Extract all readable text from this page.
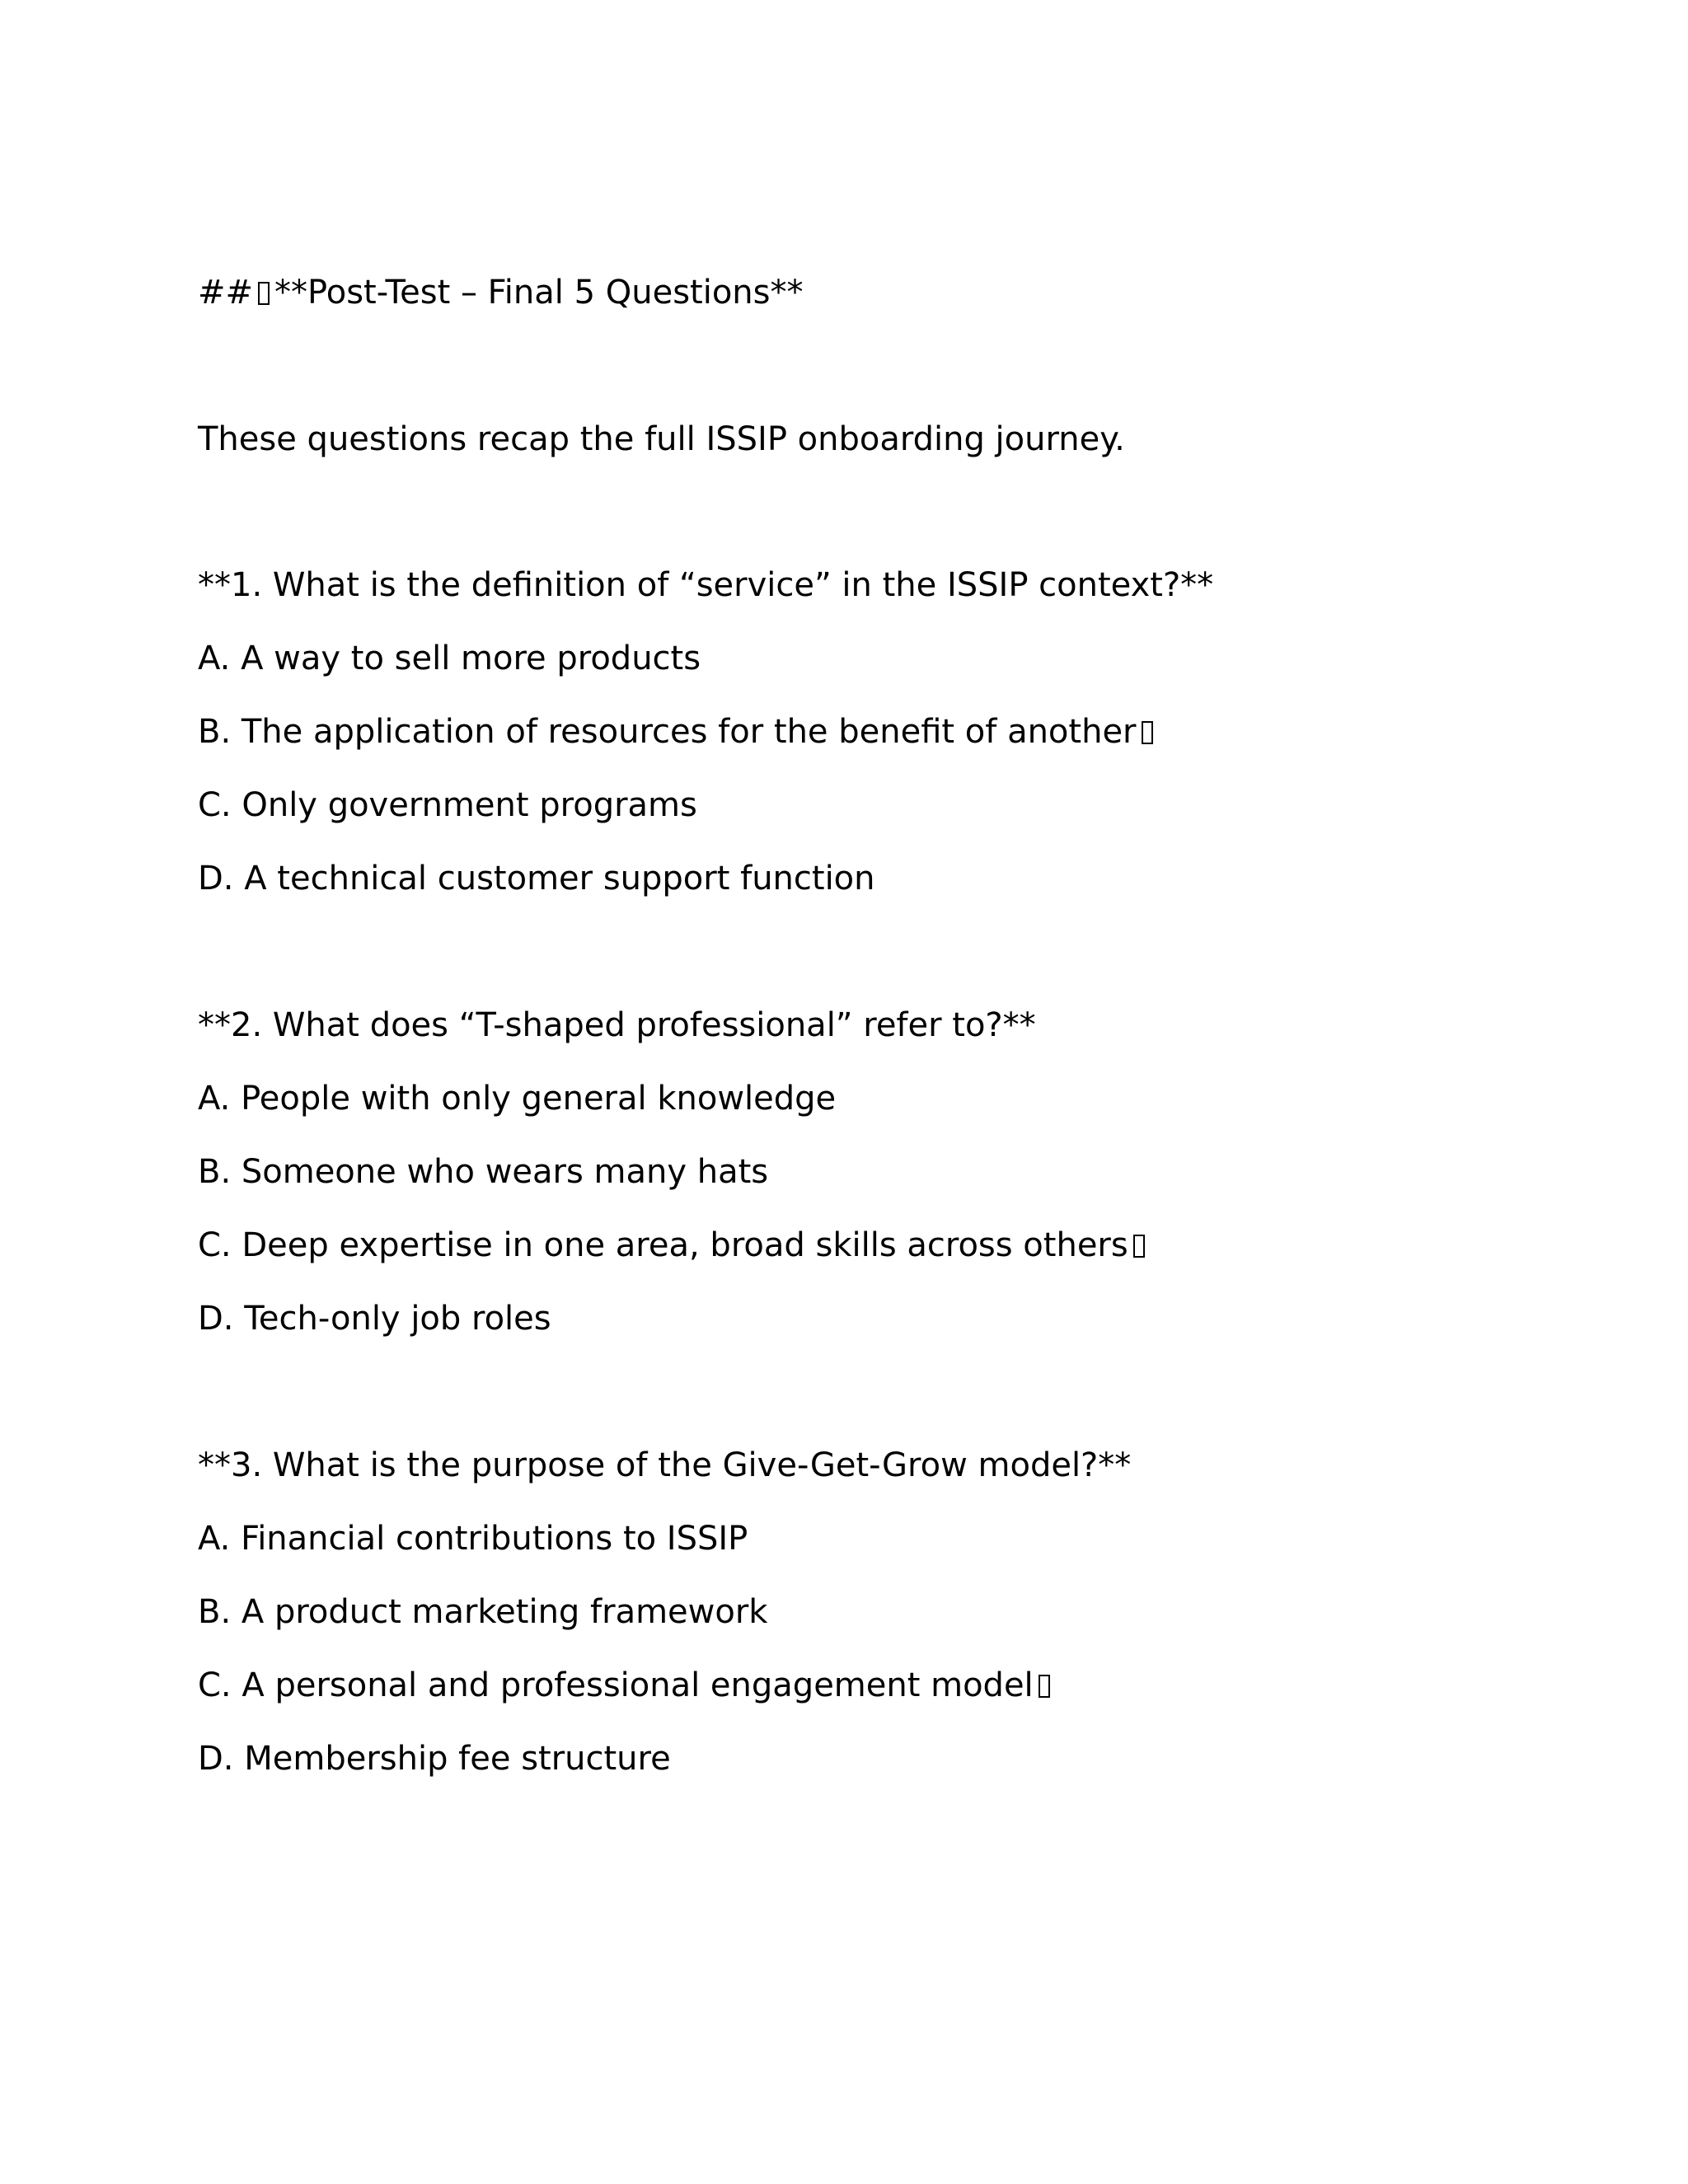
## **Post-Test – Final 5 Questions**

These questions recap the full ISSIP onboarding journey.

**1. What is the definition of “service” in the ISSIP context?**

A. A way to sell more products

B. The application of resources for the benefit of another

C. Only government programs

D. A technical customer support function

**2. What does “T-shaped professional” refer to?**

A. People with only general knowledge

B. Someone who wears many hats

C. Deep expertise in one area, broad skills across others

D. Tech-only job roles

**3. What is the purpose of the Give-Get-Grow model?**

A. Financial contributions to ISSIP

B. A product marketing framework

C. A personal and professional engagement model

D. Membership fee structure
